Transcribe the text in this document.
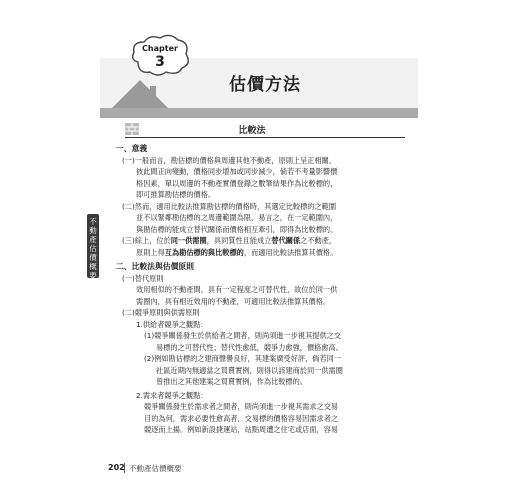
Chapter
3
估價方法
比較法
不動產估價概要

一、意義

(一)一般而言，勘估標的價格與周邊其他不動產，原則上呈正相關，

彼此間正向變動，價格同步增加或同步減少，倘若不考量影響價

格因素，單以周邊的不動產實價登錄之數筆結果作為比較標的，

即可推算勘估標的價格。

(二)然而，適用比較法推算勘估標的價格時，其選定比較標的之範圍

並不以緊鄰勘估標的之周邊範圍為限，易言之，在一定範圍內，

與勘估標的能成立替代關係而價格相互牽引，即得為比較標的。

(三)綜上，位於同一供需圈，具同質性且能成立替代關係之不動產，

原則上得互為勘估標的與比較標的，而適用比較法推算其價格。

二、比較法與估價原則

(一)替代原則

效用相似的不動產間，具有一定程度之可替代性，故位於同一供

需圈內，具有相近效用的不動產，可適用比較法推算其價格。

(二)競爭原則與供需原則

1.供給者競爭之觀點：

(1)競爭關係發生於供給者之間者，則尚須進一步視其提供之交

易標的之可替代性；替代性愈低，競爭力愈強，價格愈高。

(2)例如勘估標的之建商聲譽良好，其建案廣受好評，倘若同一

社區近期內無適當之買賣實例，則得以該建商於同一供需圈

曾推出之其他建案之買賣實例，作為比較標的。

2.需求者競爭之觀點：

競爭關係發生於需求者之間者，則尚須進一步視其需求之交易

目的為何，需求必要性愈高者，交易標的價格容易因需求者之

競逐而上揚。例如新設捷運站，站點周遭之住宅或店面，容易

202 不動產估價概要
